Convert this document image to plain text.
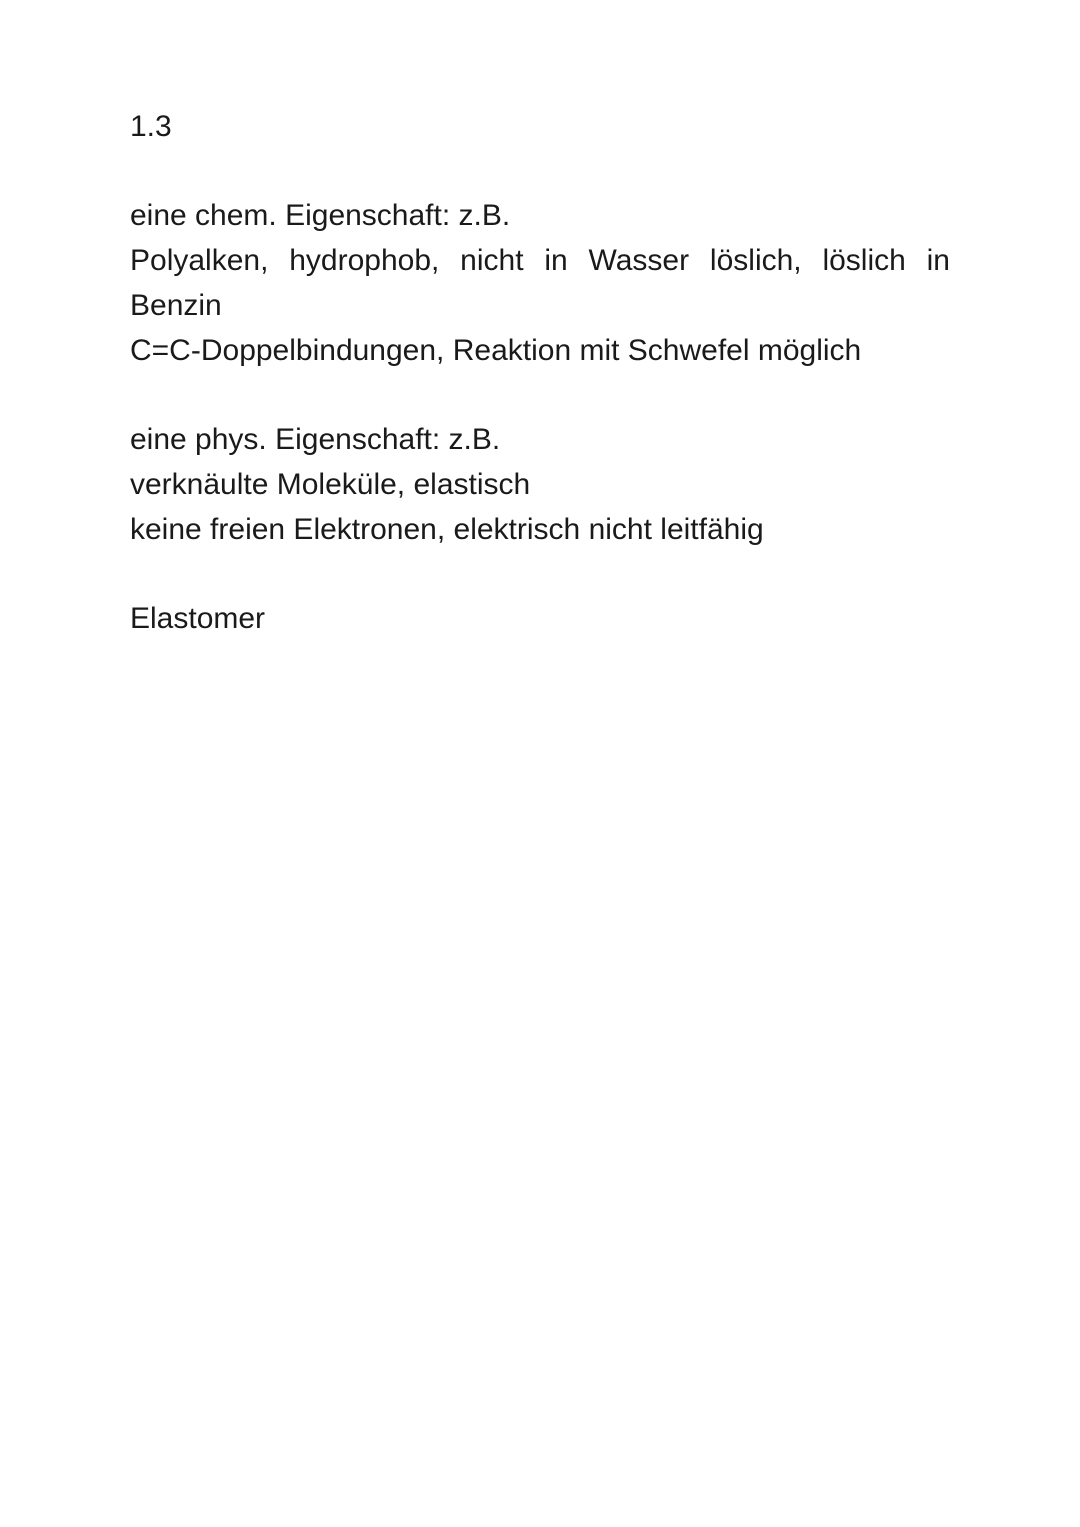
1.3

eine chem. Eigenschaft: z.B.
Polyalken, hydrophob, nicht in Wasser löslich, löslich in
Benzin
C=C-Doppelbindungen, Reaktion mit Schwefel möglich
eine phys. Eigenschaft: z.B.
verknäulte Moleküle, elastisch
keine freien Elektronen, elektrisch nicht leitfähig
Elastomer
